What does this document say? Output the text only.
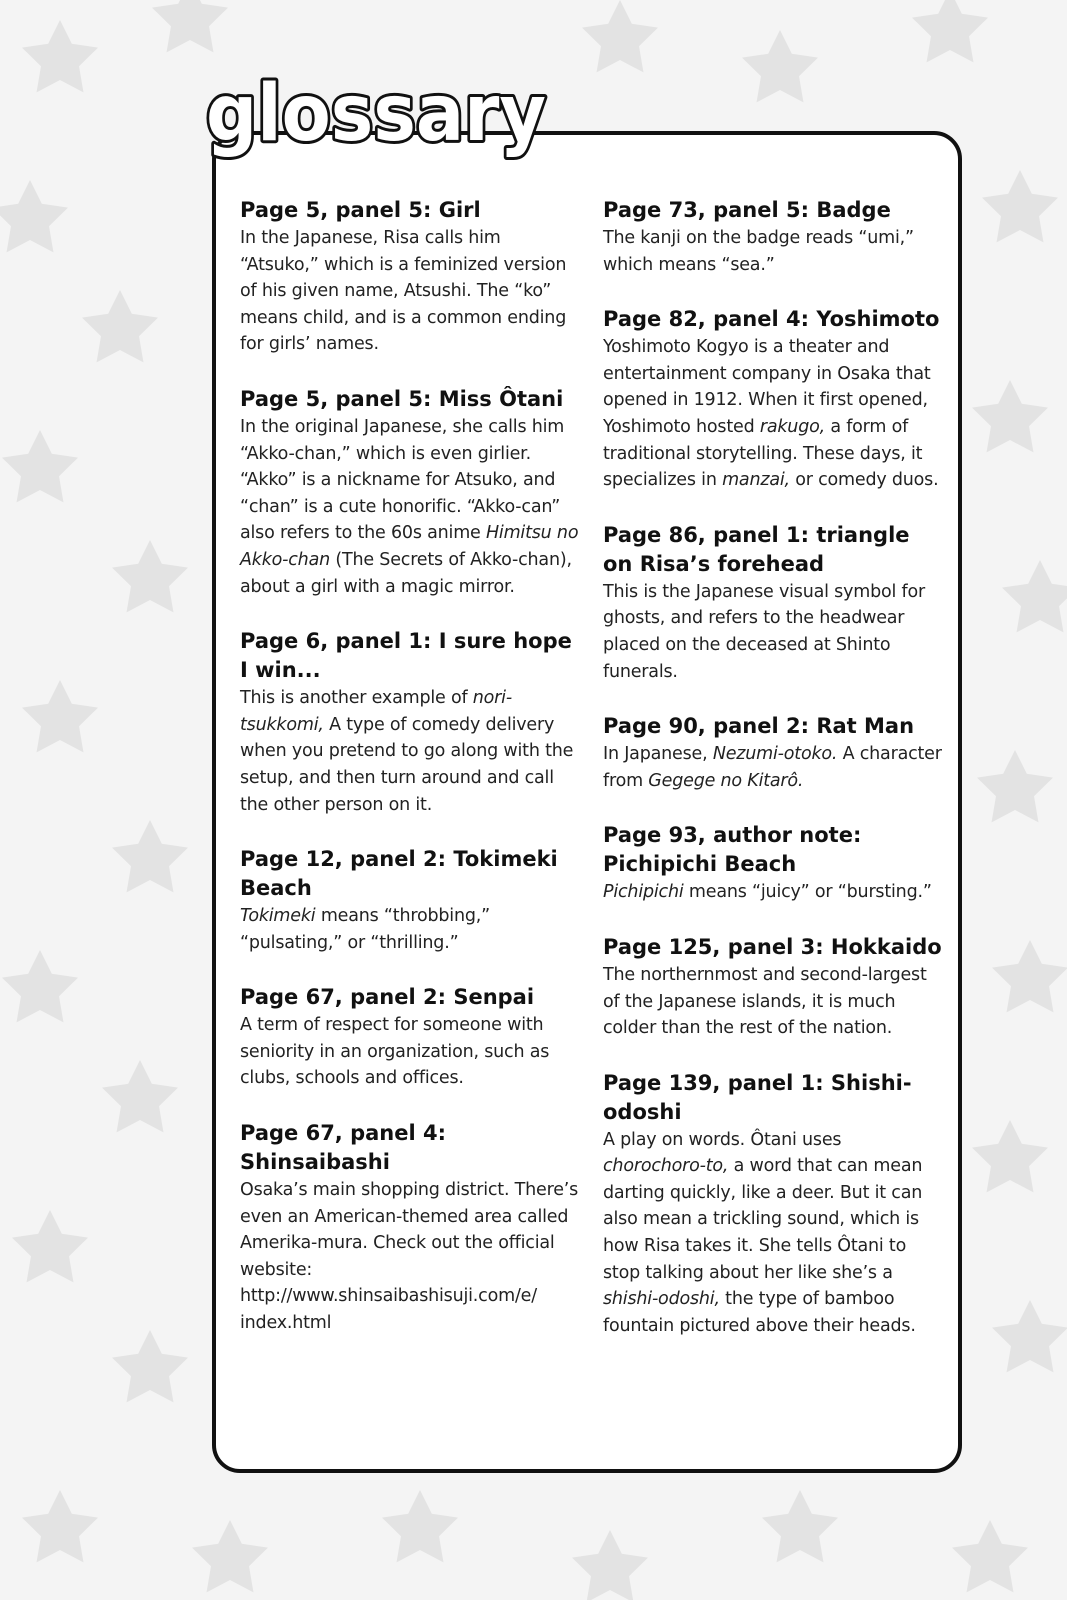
Page 5, panel 5: Girl
In the Japanese, Risa calls him “Atsuko,” which is a feminized version of his given name, Atsushi. The “ko” means child, and is a common ending for girls’ names.
Page 5, panel 5: Miss Ôtani
In the original Japanese, she calls him “Akko-chan,” which is even girlier. “Akko” is a nickname for Atsuko, and “chan” is a cute honorific. “Akko-can” also refers to the 60s anime Himitsu no Akko-chan (The Secrets of Akko-chan), about a girl with a magic mirror.
Page 6, panel 1: I sure hope I win...
This is another example of nori-tsukkomi, A type of comedy delivery when you pretend to go along with the setup, and then turn around and call the other person on it.
Page 12, panel 2: Tokimeki Beach
Tokimeki means “throbbing,” “pulsating,” or “thrilling.”
Page 67, panel 2: Senpai
A term of respect for someone with seniority in an organization, such as clubs, schools and offices.
Page 67, panel 4: Shinsaibashi
Osaka’s main shopping district. There’s even an American-themed area called Amerika-mura. Check out the official website: http://www.shinsaibashisuji.com/e/ index.html
Page 73, panel 5: Badge
The kanji on the badge reads “umi,” which means “sea.”
Page 82, panel 4: Yoshimoto
Yoshimoto Kogyo is a theater and entertainment company in Osaka that opened in 1912. When it first opened, Yoshimoto hosted rakugo, a form of traditional storytelling. These days, it specializes in manzai, or comedy duos.
Page 86, panel 1: triangle on Risa’s forehead
This is the Japanese visual symbol for ghosts, and refers to the headwear placed on the deceased at Shinto funerals.
Page 90, panel 2: Rat Man
In Japanese, Nezumi-otoko. A character from Gegege no Kitarô.
Page 93, author note: Pichipichi Beach
Pichipichi means “juicy” or “bursting.”
Page 125, panel 3: Hokkaido
The northernmost and second-largest of the Japanese islands, it is much colder than the rest of the nation.
Page 139, panel 1: Shishi-odoshi
A play on words. Ôtani uses chorochoro-to, a word that can mean darting quickly, like a deer. But it can also mean a trickling sound, which is how Risa takes it. She tells Ôtani to stop talking about her like she’s a shishi-odoshi, the type of bamboo fountain pictured above their heads.
glossary
